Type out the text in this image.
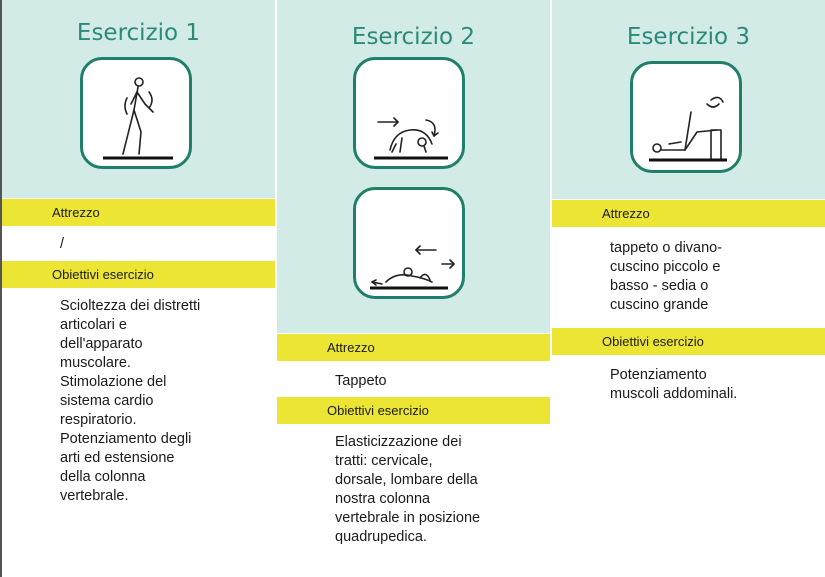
Esercizio 1
Attrezzo
/
Obiettivi esercizio
Scioltezza dei distretti
articolari e
dell'apparato
muscolare.
Stimolazione del
sistema cardio
respiratorio.
Potenziamento degli
arti ed estensione
della colonna
vertebrale.
Esercizio 2
Attrezzo
Tappeto
Obiettivi esercizio
Elasticizzazione dei
tratti: cervicale,
dorsale, lombare della
nostra colonna
vertebrale in posizione
quadrupedica.
Esercizio 3
Attrezzo
tappeto o divano-
cuscino piccolo e
basso - sedia o
cuscino grande
Obiettivi esercizio
Potenziamento
muscoli addominali.
